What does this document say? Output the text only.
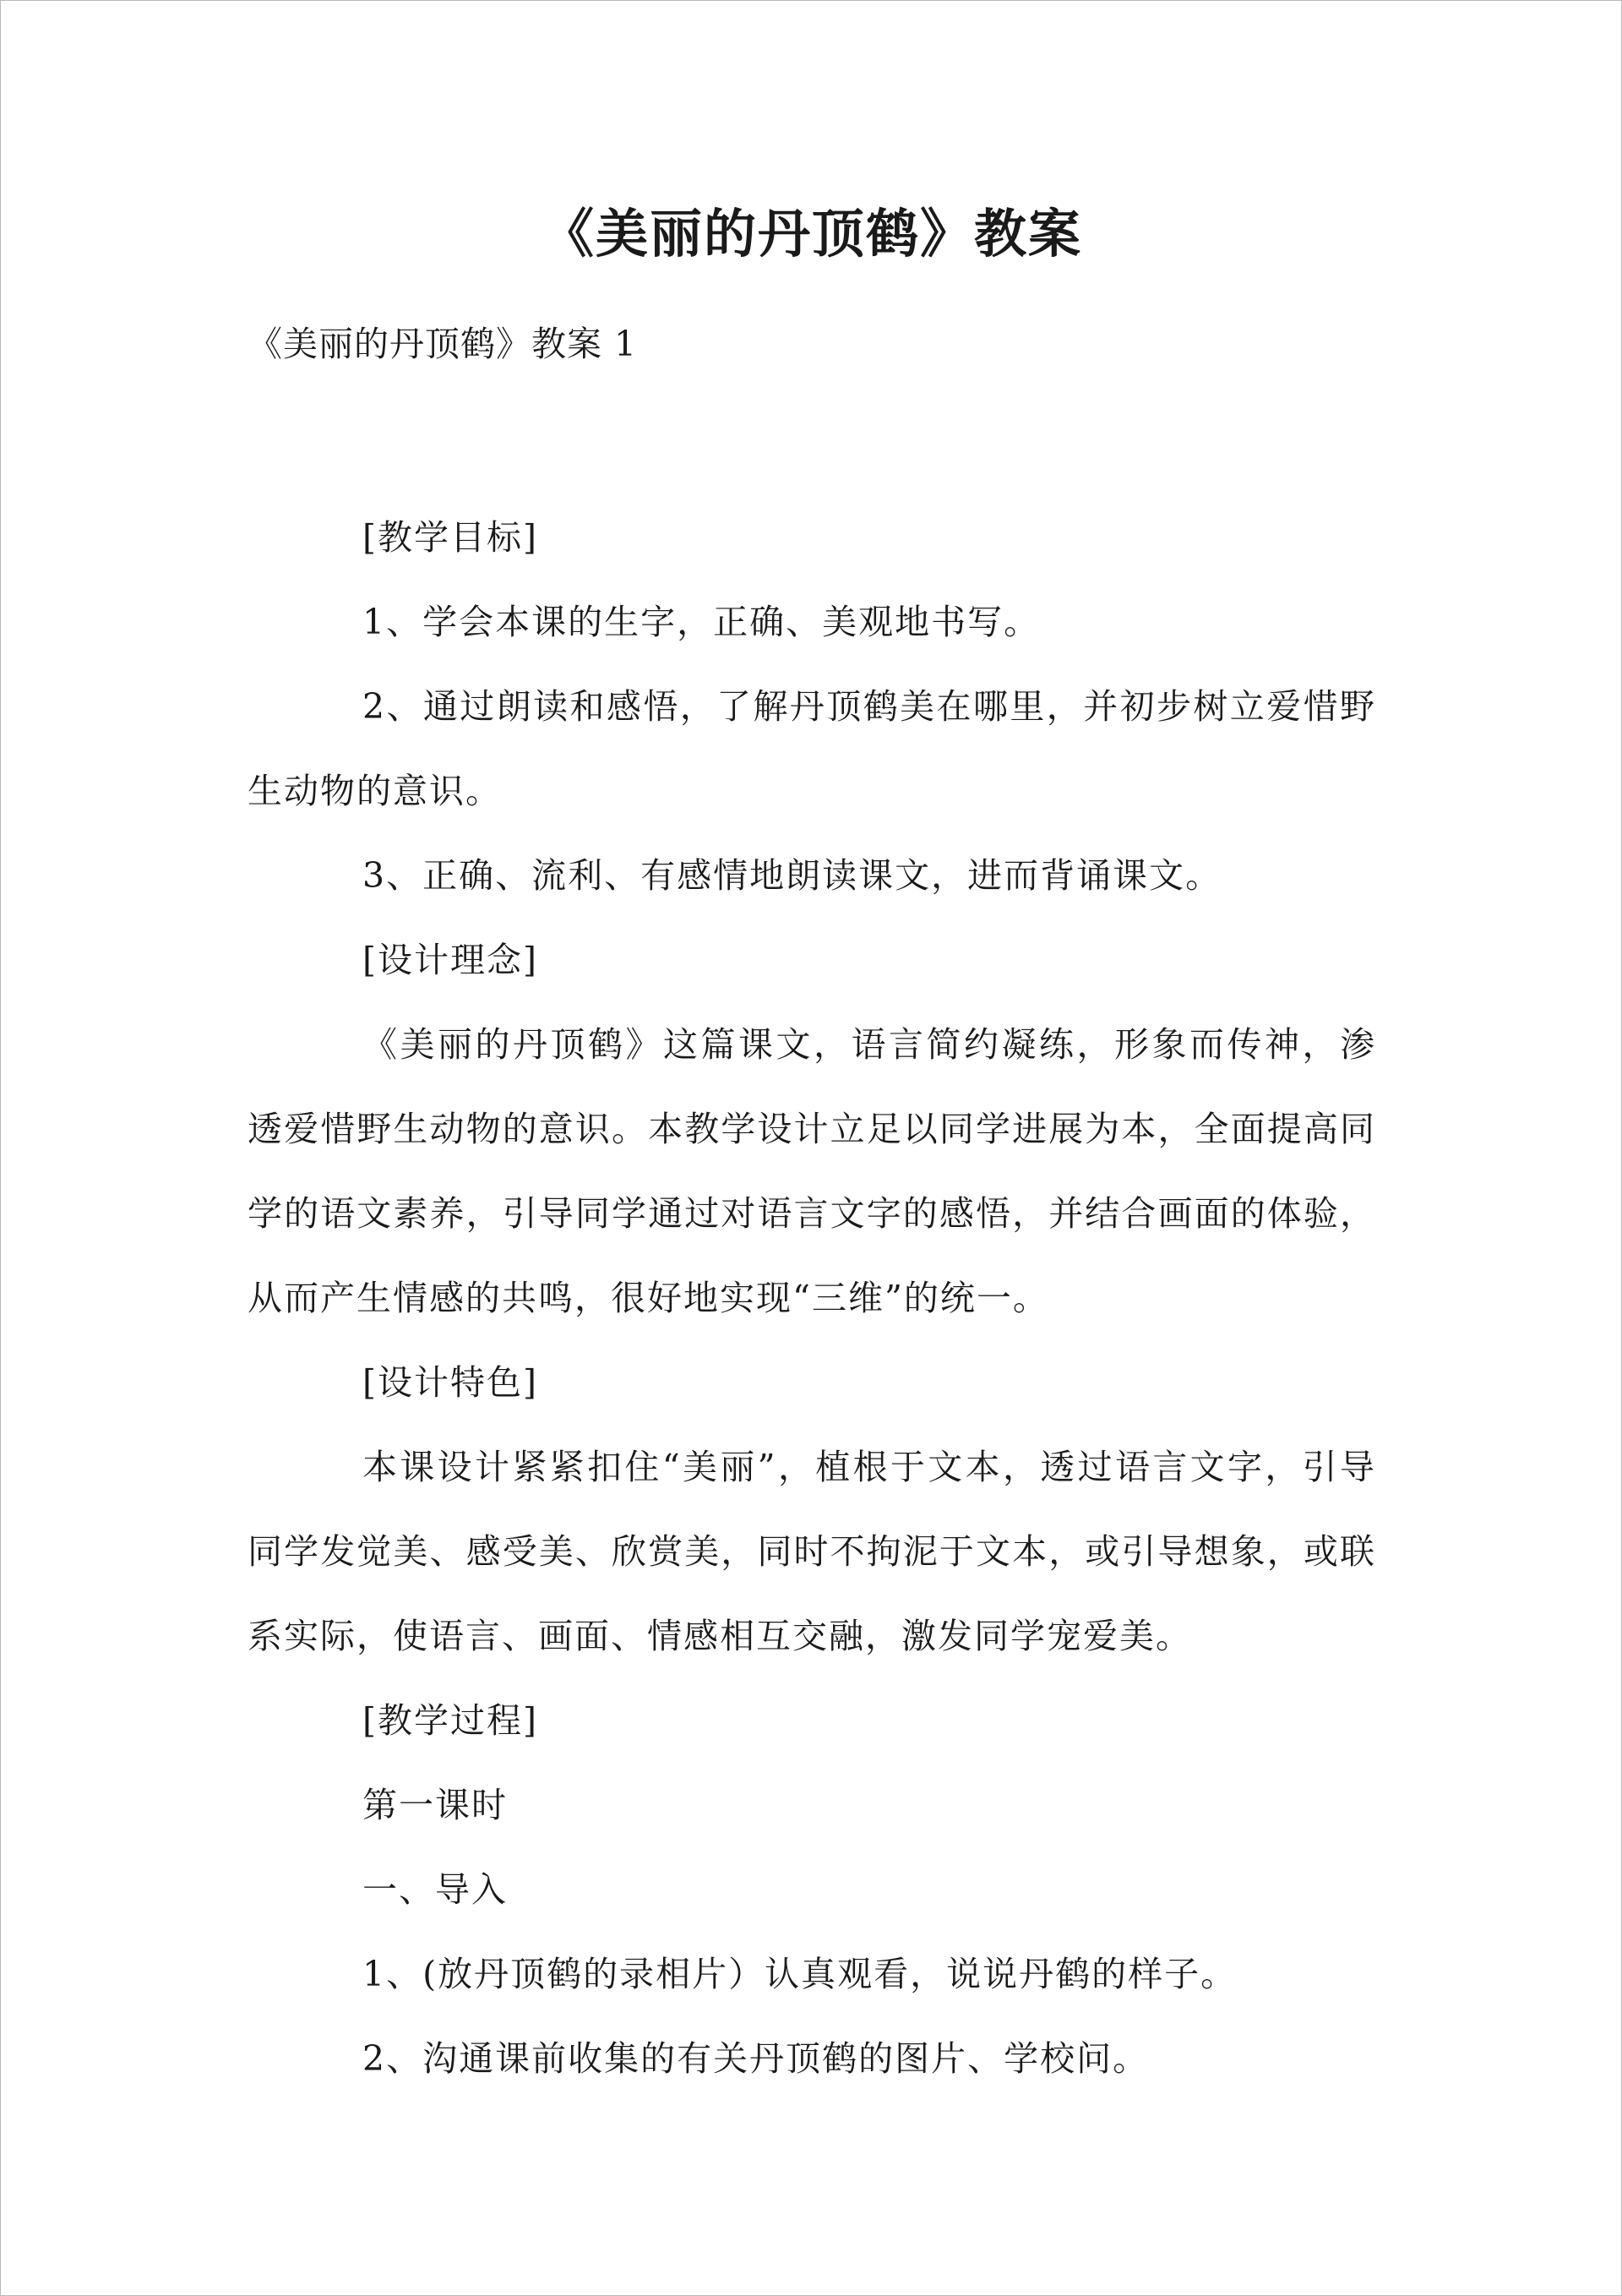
《美丽的丹顶鹤》教案
《美丽的丹顶鹤》教案 1

[教学目标]

1、学会本课的生字，正确、美观地书写。

2、通过朗读和感悟，了解丹顶鹤美在哪里，并初步树立爱惜野生动物的意识。

3、正确、流利、有感情地朗读课文，进而背诵课文。

[设计理念]

《美丽的丹顶鹤》这篇课文，语言简约凝练，形象而传神，渗透爱惜野生动物的意识。本教学设计立足以同学进展为本，全面提高同学的语文素养，引导同学通过对语言文字的感悟，并结合画面的体验，从而产生情感的共鸣，很好地实现“三维”的统一。

[设计特色]

本课设计紧紧扣住“美丽”，植根于文本，透过语言文字，引导同学发觉美、感受美、欣赏美，同时不拘泥于文本，或引导想象，或联系实际，使语言、画面、情感相互交融，激发同学宠爱美。

[教学过程]

第一课时

一、导入

1、(放丹顶鹤的录相片）认真观看，说说丹鹤的样子。

2、沟通课前收集的有关丹顶鹤的图片、学校问。
